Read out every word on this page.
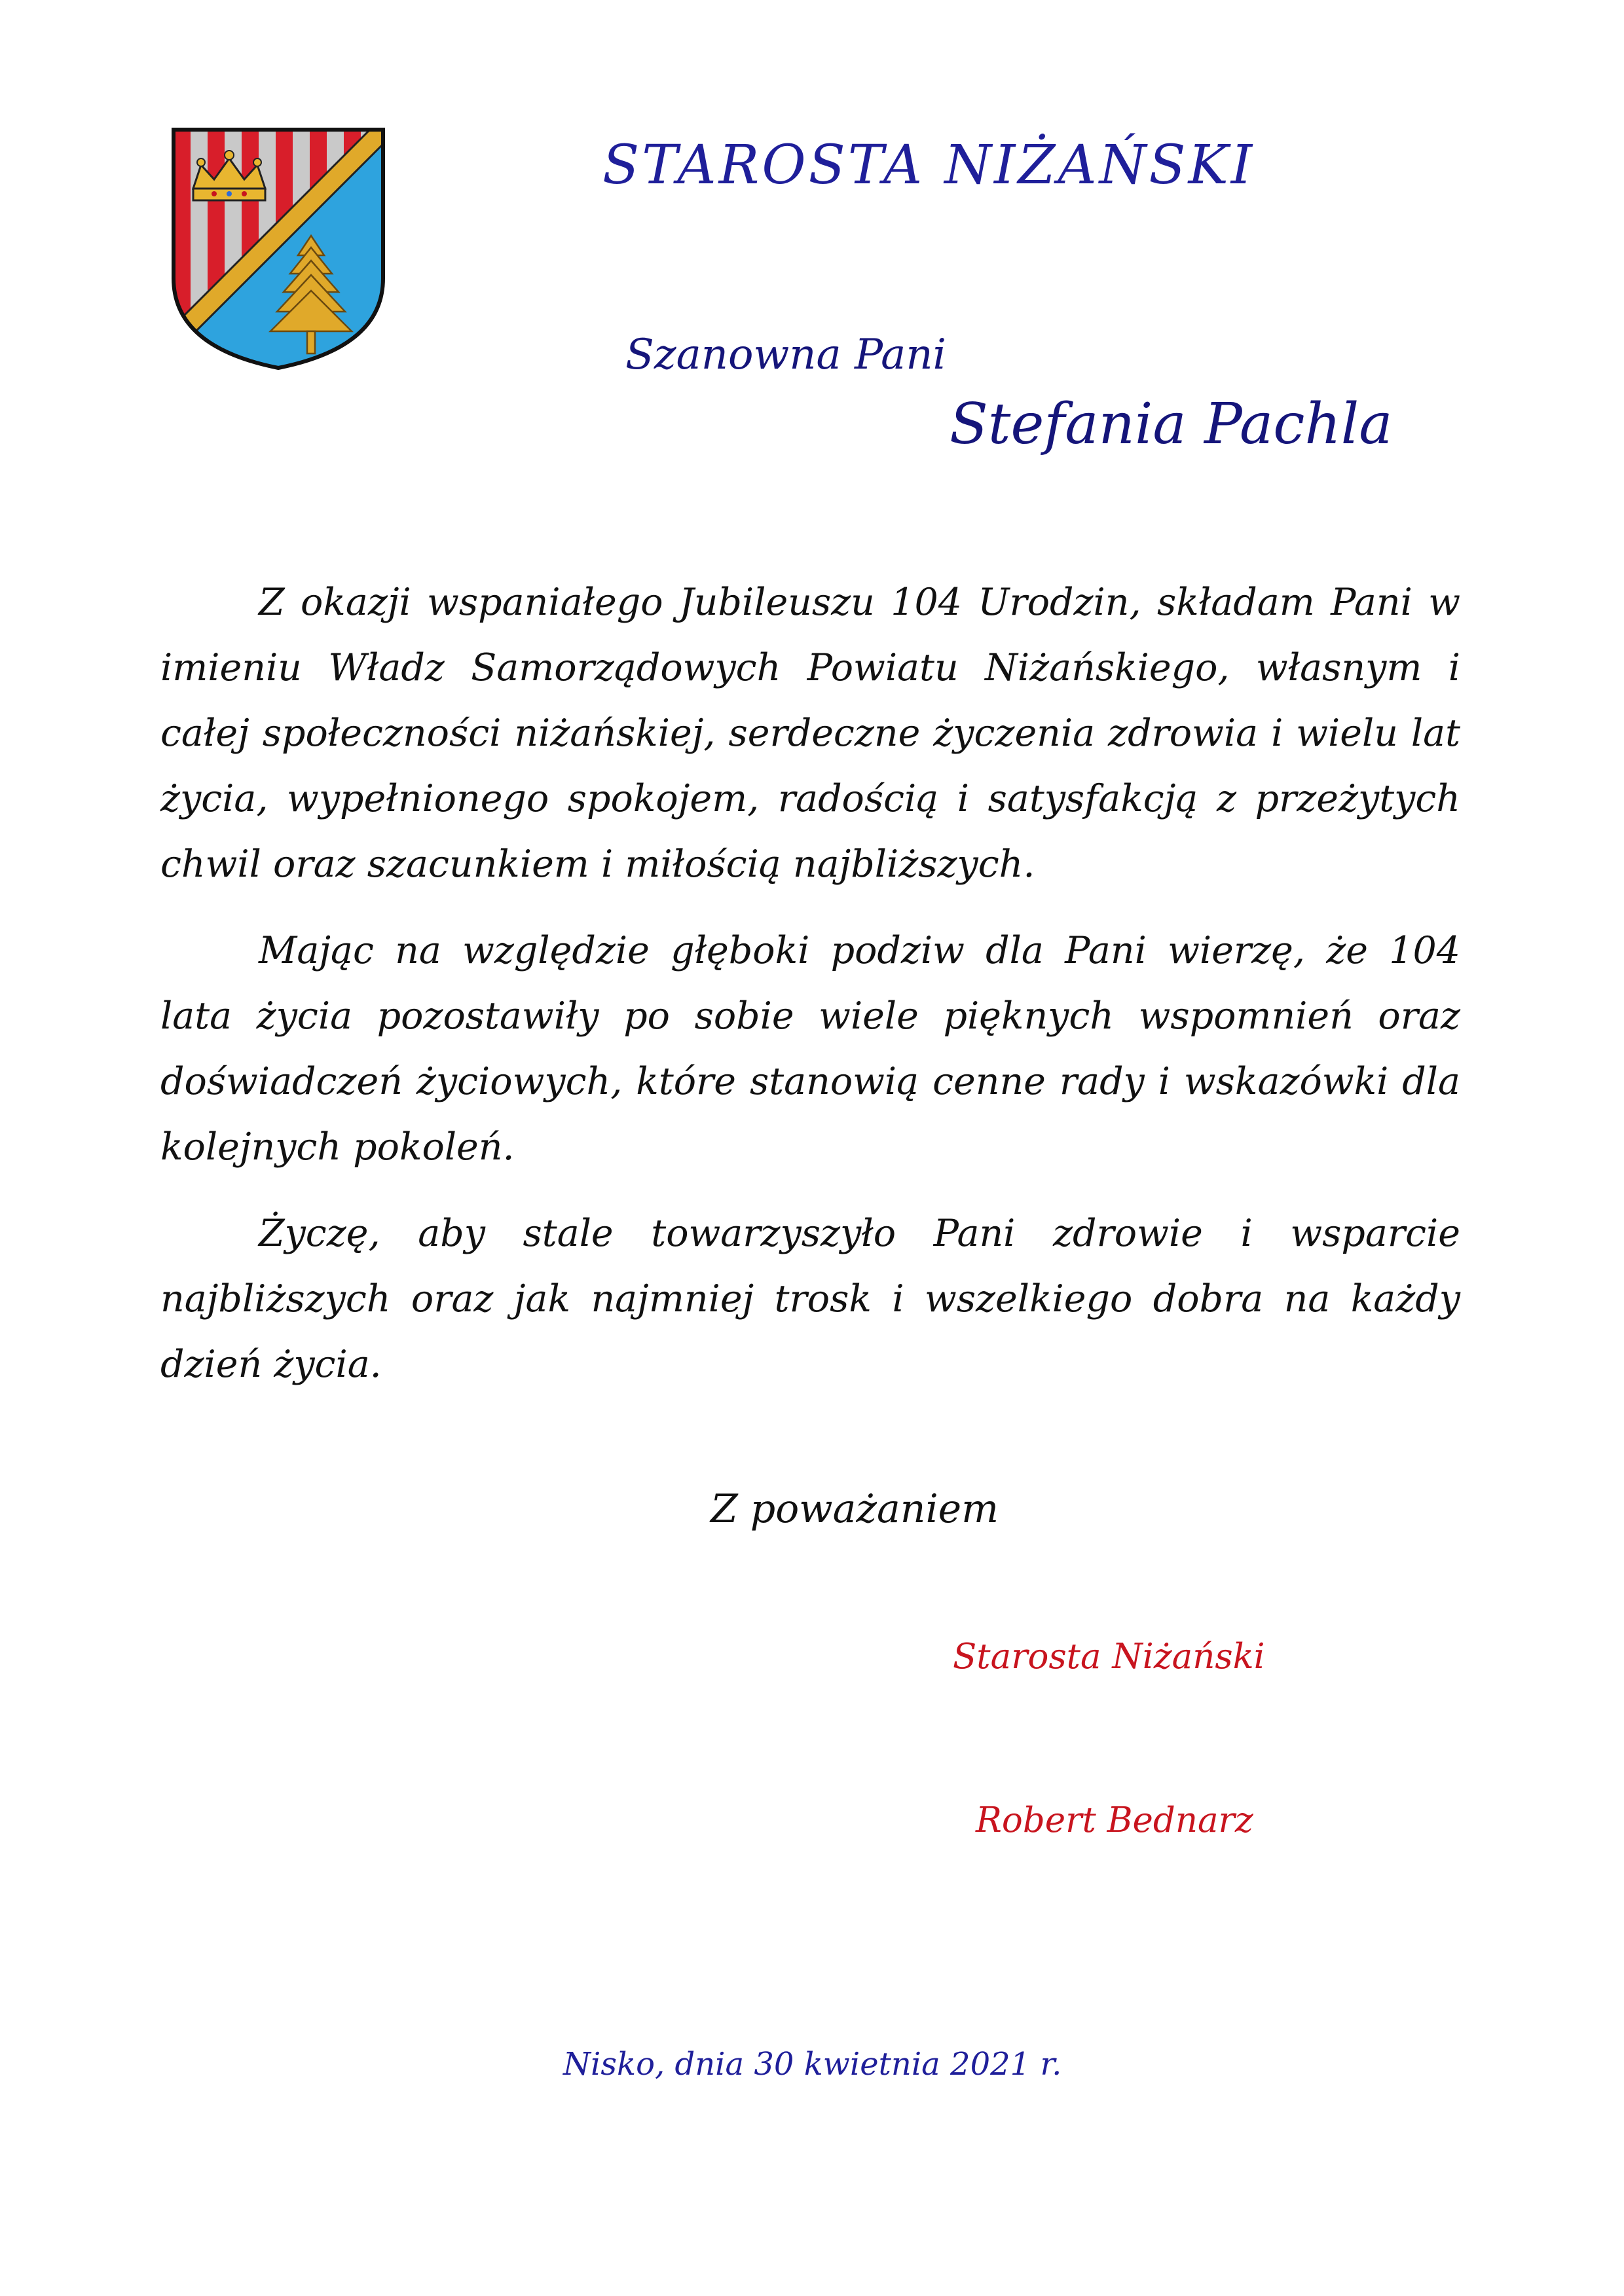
STAROSTA NIŻAŃSKI
Szanowna Pani
Stefania Pachla

Z okazji wspaniałego Jubileuszu 104 Urodzin, składam Pani w imieniu Władz Samorządowych Powiatu Niżańskiego, własnym i całej społeczności niżańskiej, serdeczne życzenia zdrowia i wielu lat życia, wypełnionego spokojem, radością i satysfakcją z przeżytych chwil oraz szacunkiem i miłością najbliższych.

Mając na względzie głęboki podziw dla Pani wierzę, że 104 lata życia pozostawiły po sobie wiele pięknych wspomnień oraz doświadczeń życiowych, które stanowią cenne rady i wskazówki dla kolejnych pokoleń.

Życzę, aby stale towarzyszyło Pani zdrowie i wsparcie najbliższych oraz jak najmniej trosk i wszelkiego dobra na każdy dzień życia.

Z poważaniem
Starosta Niżański
Robert Bednarz
Nisko, dnia 30 kwietnia 2021 r.
